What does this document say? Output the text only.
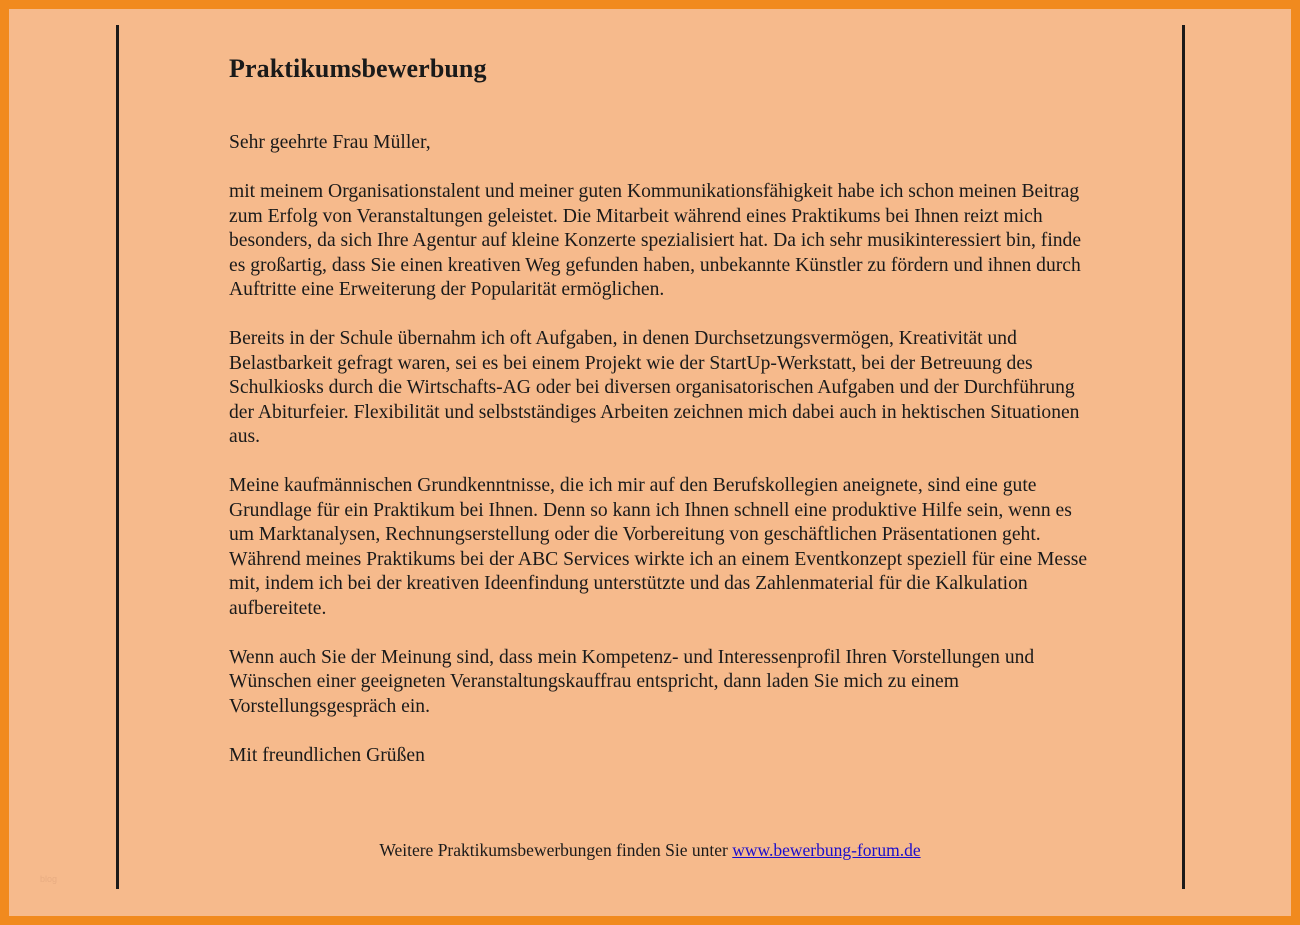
Praktikumsbewerbung

Sehr geehrte Frau Müller,

mit meinem Organisationstalent und meiner guten Kommunikationsfähigkeit habe ich schon meinen Beitrag zum Erfolg von Veranstaltungen geleistet. Die Mitarbeit während eines Praktikums bei Ihnen reizt mich besonders, da sich Ihre Agentur auf kleine Konzerte spezialisiert hat. Da ich sehr musikinteressiert bin, finde es großartig, dass Sie einen kreativen Weg gefunden haben, unbekannte Künstler zu fördern und ihnen durch Auftritte eine Erweiterung der Popularität ermöglichen.

Bereits in der Schule übernahm ich oft Aufgaben, in denen Durchsetzungsvermögen, Kreativität und Belastbarkeit gefragt waren, sei es bei einem Projekt wie der StartUp-Werkstatt, bei der Betreuung des Schulkiosks durch die Wirtschafts-AG oder bei diversen organisatorischen Aufgaben und der Durchführung der Abiturfeier. Flexibilität und selbstständiges Arbeiten zeichnen mich dabei auch in hektischen Situationen aus.

Meine kaufmännischen Grundkenntnisse, die ich mir auf den Berufskollegien aneignete, sind eine gute Grundlage für ein Praktikum bei Ihnen. Denn so kann ich Ihnen schnell eine produktive Hilfe sein, wenn es um Marktanalysen, Rechnungserstellung oder die Vorbereitung von geschäftlichen Präsentationen geht. Während meines Praktikums bei der ABC Services wirkte ich an einem Eventkonzept speziell für eine Messe mit, indem ich bei der kreativen Ideenfindung unterstützte und das Zahlenmaterial für die Kalkulation aufbereitete.

Wenn auch Sie der Meinung sind, dass mein Kompetenz- und Interessenprofil Ihren Vorstellungen und Wünschen einer geeigneten Veranstaltungskauffrau entspricht, dann laden Sie mich zu einem Vorstellungsgespräch ein.

Mit freundlichen Grüßen

Weitere Praktikumsbewerbungen finden Sie unter www.bewerbung-forum.de
blog
